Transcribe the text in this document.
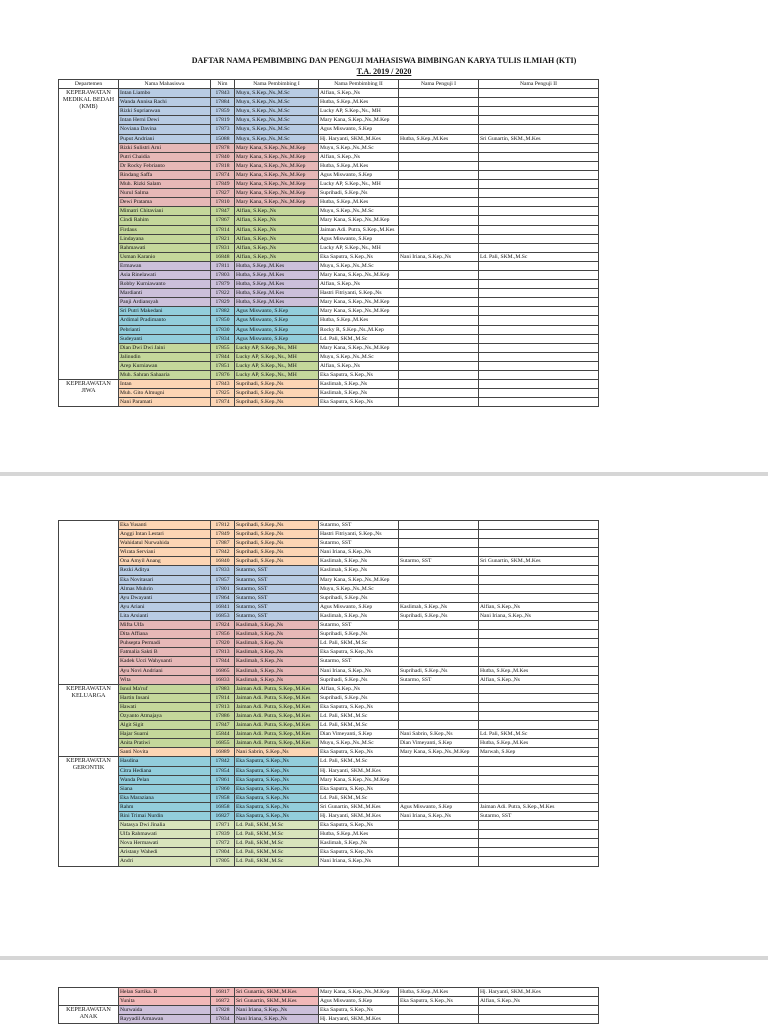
DAFTAR NAMA PEMBIMBING DAN PENGUJI MAHASISWA BIMBINGAN KARYA TULIS ILMIAH (KTI)
T.A. 2019 / 2020
Departemen	Nama Mahasiswa	Nim	Nama Pembimbing I	Nama Pembimbing II	Nama Penguji I	Nama Penguji II
KEPERAWATAN MEDIKAL BEDAH (KMB)	Intan Liambo	17843	Muyu, S.Kep.,Ns.,M.Sc	Alfian, S.Kep.,Ns		
	Wanda Annisa Rachi	17884	Muyu, S.Kep.,Ns.,M.Sc	Hutba, S.Kep.,M.Kes		
	Rizki Suprianwan	17859	Muyu, S.Kep.,Ns.,M.Sc	Lucky AP, S.Kep.,Ns., MH		
	Intan Herni Dewi	17819	Muyu, S.Kep.,Ns.,M.Sc	Mary Kana, S.Kep.,Ns.,M.Kep		
	Noviana Davina	17873	Muyu, S.Kep.,Ns.,M.Sc	Agus Miswanto, S.Kep		
	Puput Andriani	15088	Muyu, S.Kep.,Ns.,M.Sc	Hj. Haryanti, SKM.,M.Kes	Hutba, S.Kep.,M.Kes	Sri Gunartin, SKM.,M.Kes
	Rizki Sulistri Arni	17878	Mary Kana, S.Kep.,Ns.,M.Kep	Muyu, S.Kep.,Ns.,M.Sc		
	Putri Chaidia	17840	Mary Kana, S.Kep.,Ns.,M.Kep	Alfian, S.Kep.,Ns		
	Dr Rocky Febrianto	17818	Mary Kana, S.Kep.,Ns.,M.Kep	Hutba, S.Kep.,M.Kes		
	Rindang Saffa	17874	Mary Kana, S.Kep.,Ns.,M.Kep	Agus Miswanto, S.Kep		
	Muh. Rizki Salam	17849	Mary Kana, S.Kep.,Ns.,M.Kep	Lucky AP, S.Kep.,Ns., MH		
	Nurul Salma	17827	Mary Kana, S.Kep.,Ns.,M.Kep	Suprihadi, S.Kep.,Ns		
	Dewi Pratama	17810	Mary Kana, S.Kep.,Ns.,M.Kep	Hutba, S.Kep.,M.Kes		
	Mimatri Chitaviani	17847	Alfian, S.Kep.,Ns	Muyu, S.Kep.,Ns.,M.Sc		
	Cindi Rahim	17867	Alfian, S.Kep.,Ns	Mary Kana, S.Kep.,Ns.,M.Kep		
	Firdaus	17814	Alfian, S.Kep.,Ns	Jaiman Adi. Putra, S.Kep.,M.Kes		
	Lindayana	17821	Alfian, S.Kep.,Ns	Agus Miswanto, S.Kep		
	Rahmawati	17831	Alfian, S.Kep.,Ns	Lucky AP, S.Kep.,Ns., MH		
	Usman Karanio	16848	Alfian, S.Kep.,Ns	Eka Saputra, S.Kep.,Ns	Nani Iriana, S.Kep.,Ns	Ld. Pali, SKM.,M.Sc
	Ermawan	17811	Hutba, S.Kep.,M.Kes	Muyu, S.Kep.,Ns.,M.Sc		
	Asia Rinelawati	17803	Hutba, S.Kep.,M.Kes	Mary Kana, S.Kep.,Ns.,M.Kep		
	Robby Kurniawanto	17879	Hutba, S.Kep.,M.Kes	Alfian, S.Kep.,Ns		
	Mardianti	17822	Hutba, S.Kep.,M.Kes	Hastri Fitriyanti, S.Kep.,Ns		
	Panji Ardiansyah	17829	Hutba, S.Kep.,M.Kes	Mary Kana, S.Kep.,Ns.,M.Kep		
	Sri Putri Makedani	17882	Agus Miswanto, S.Kep	Mary Kana, S.Kep.,Ns.,M.Kep		
	Ardimal Pradimanto	17850	Agus Miswanto, S.Kep	Hutba, S.Kep.,M.Kes		
	Pebrianti	17830	Agus Miswanto, S.Kep	Rocky R, S.Kep.,Ns.,M.Kep		
	Sudeyanti	17834	Agus Miswanto, S.Kep	Ld. Pali, SKM.,M.Sc		
	Dian Dwi Dwi Jaini	17855	Lucky AP, S.Kep.,Ns., MH	Mary Kana, S.Kep.,Ns.,M.Kep		
	Jalinudin	17844	Lucky AP, S.Kep.,Ns., MH	Muyu, S.Kep.,Ns.,M.Sc		
	Arep Kurniawan	17851	Lucky AP, S.Kep.,Ns., MH	Alfian, S.Kep.,Ns		
	Muh. Sahran Sahaaria	17876	Lucky AP, S.Kep.,Ns., MH	Eka Saputra, S.Kep.,Ns		
KEPERAWATAN JIWA	Intan	17843	Suprihadi, S.Kep.,Ns	Kaslimah, S.Kep.,Ns		
	Muh. Gito Almugni	17825	Suprihadi, S.Kep.,Ns	Kaslimah, S.Kep.,Ns		
	Nani Paramati	17874	Suprihadi, S.Kep.,Ns	Eka Saputra, S.Kep.,Ns		
	Eka Yusanti	17812	Suprihadi, S.Kep.,Ns	Sutarmo, SST		
	Anggi Intan Lestari	17849	Suprihadi, S.Kep.,Ns	Hastri Fitriyanti, S.Kep.,Ns		
	Wahidatul Nurwahida	17887	Suprihadi, S.Kep.,Ns	Sutarmo, SST		
	Wirata Serviani	17842	Suprihadi, S.Kep.,Ns	Nani Iriana, S.Kep.,Ns		
	Ona Amyil Anang	16840	Suprihadi, S.Kep.,Ns	Kaslimah, S.Kep.,Ns	Sutarmo, SST	Sri Gunartin, SKM.,M.Kes
	Rezki Aditya	17833	Sutarmo, SST	Kaslimah, S.Kep.,Ns		
	Eka Novitasari	17857	Sutarmo, SST	Mary Kana, S.Kep.,Ns.,M.Kep		
	Almas Muhrin	17801	Sutarmo, SST	Muyu, S.Kep.,Ns.,M.Sc		
	Ayu Dwayanti	17864	Sutarmo, SST	Suprihadi, S.Kep.,Ns		
	Ayu Ariani	16841	Sutarmo, SST	Agus Miswanto, S.Kep	Kaslimah, S.Kep.,Ns	Alfian, S.Kep.,Ns
	Lita Arsianti	16853	Sutarmo, SST	Kaslimah, S.Kep.,Ns	Suprihadi, S.Kep.,Ns	Nani Iriana, S.Kep.,Ns
	Mifta Ulfa	17824	Kaslimah, S.Kep.,Ns	Sutarmo, SST		
	Dita Affiana	17856	Kaslimah, S.Kep.,Ns	Suprihadi, S.Kep.,Ns		
	Puhsepta Permadi	17820	Kaslimah, S.Kep.,Ns	Ld. Pali, SKM.,M.Sc		
	Fatmalia Sakti B	17813	Kaslimah, S.Kep.,Ns	Eka Saputra, S.Kep.,Ns		
	Kadek Ucci Wahyuanti	17844	Kaslimah, S.Kep.,Ns	Sutarmo, SST		
	Ayu Novi Andriani	16865	Kaslimah, S.Kep.,Ns	Nani Iriana, S.Kep.,Ns	Suprihadi, S.Kep.,Ns	Hutba, S.Kep.,M.Kes
	Wita	16833	Kaslimah, S.Kep.,Ns	Suprihadi, S.Kep.,Ns	Sutarmo, SST	Alfian, S.Kep.,Ns
KEPERAWATAN KELUARGA	Isnul Ma'ruf	17883	Jaiman Adi. Putra, S.Kep.,M.Kes	Alfian, S.Kep.,Ns		
	Hartin Insani	17814	Jaiman Adi. Putra, S.Kep.,M.Kes	Suprihadi, S.Kep.,Ns		
	Hawati	17813	Jaiman Adi. Putra, S.Kep.,M.Kes	Eka Saputra, S.Kep.,Ns		
	Ozyanto Atmajaya	17886	Jaiman Adi. Putra, S.Kep.,M.Kes	Ld. Pali, SKM.,M.Sc		
	Algit Sigit	17847	Jaiman Adi. Putra, S.Kep.,M.Kes	Ld. Pali, SKM.,M.Sc		
	Hajar Suarni	15844	Jaiman Adi. Putra, S.Kep.,M.Kes	Dian Vimeyanti, S.Kep	Nani Sabrin, S.Kep.,Ns	Ld. Pali, SKM.,M.Sc
	Anita Pratiwi	16855	Jaiman Adi. Putra, S.Kep.,M.Kes	Muyu, S.Kep.,Ns.,M.Sc	Dian Vimeyanti, S.Kep	Hutba, S.Kep.,M.Kes
	Santi Novita	16889	Nani Sabrin, S.Kep.,Ns	Eka Saputra, S.Kep.,Ns	Mary Kana, S.Kep.,Ns.,M.Kep	Marwah, S.Kep
KEPERAWATAN GERONTIK	Hasdina	17842	Eka Saputra, S.Kep.,Ns	Ld. Pali, SKM.,M.Sc		
	Citra Hediana	17854	Eka Saputra, S.Kep.,Ns	Hj. Haryanti, SKM.,M.Kes		
	Wanda Pelan	17861	Eka Saputra, S.Kep.,Ns	Mary Kana, S.Kep.,Ns.,M.Kep		
	Siana	17860	Eka Saputra, S.Kep.,Ns	Eka Saputra, S.Kep.,Ns		
	Eka Maraziana	17858	Eka Saputra, S.Kep.,Ns	Ld. Pali, SKM.,M.Sc		
	Rahm	16858	Eka Saputra, S.Kep.,Ns	Sri Gunartin, SKM.,M.Kes	Agus Miswanto, S.Kep	Jaiman Adi. Putra, S.Kep.,M.Kes
	Rini Trimai Nurdin	16827	Eka Saputra, S.Kep.,Ns	Hj. Haryanti, SKM.,M.Kes	Nani Iriana, S.Kep.,Ns	Sutarmo, SST
	Natasya Dwi Jinalia	17871	Ld. Pali, SKM.,M.Sc	Eka Saputra, S.Kep.,Ns		
	Ulfa Rahmawati	17839	Ld. Pali, SKM.,M.Sc	Hutba, S.Kep.,M.Kes		
	Nova Hermawati	17872	Ld. Pali, SKM.,M.Sc	Kaslimah, S.Kep.,Ns		
	Aristany Wahedi	17804	Ld. Pali, SKM.,M.Sc	Eka Saputra, S.Kep.,Ns		
	Andri	17805	Ld. Pali, SKM.,M.Sc	Nani Iriana, S.Kep.,Ns		
	Helan Sartika. B	16817	Sri Gunartin, SKM.,M.Kes	Mary Kana, S.Kep.,Ns.,M.Kep	Hutba, S.Kep.,M.Kes	Hj. Haryanti, SKM.,M.Kes
	Yunita	16872	Sri Gunartin, SKM.,M.Kes	Agus Miswanto, S.Kep	Eka Saputra, S.Kep.,Ns	Alfian, S.Kep.,Ns
KEPERAWATAN ANAK	Nurwaida	17828	Nani Iriana, S.Kep.,Ns	Eka Saputra, S.Kep.,Ns		
	Rayyadil Armawan	17834	Nani Iriana, S.Kep.,Ns	Hj. Haryanti, SKM.,M.Kes		
